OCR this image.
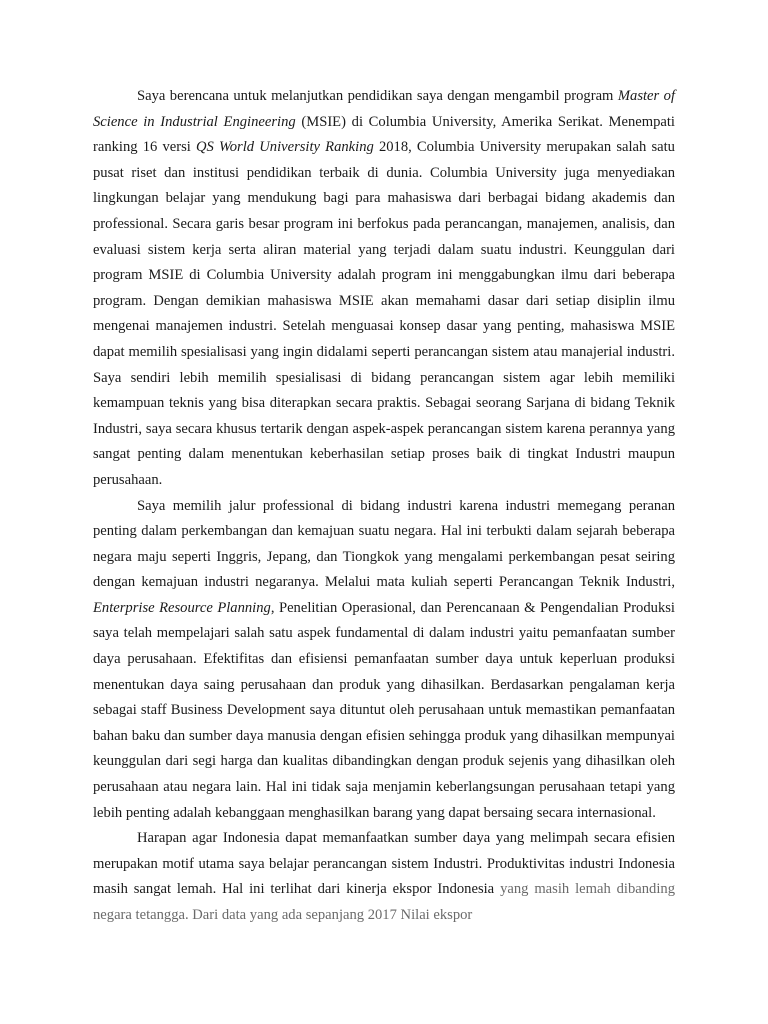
Saya berencana untuk melanjutkan pendidikan saya dengan mengambil program Master of Science in Industrial Engineering (MSIE) di Columbia University, Amerika Serikat. Menempati ranking 16 versi QS World University Ranking 2018, Columbia University merupakan salah satu pusat riset dan institusi pendidikan terbaik di dunia. Columbia University juga menyediakan lingkungan belajar yang mendukung bagi para mahasiswa dari berbagai bidang akademis dan professional. Secara garis besar program ini berfokus pada perancangan, manajemen, analisis, dan evaluasi sistem kerja serta aliran material yang terjadi dalam suatu industri. Keunggulan dari program MSIE di Columbia University adalah program ini menggabungkan ilmu dari beberapa program. Dengan demikian mahasiswa MSIE akan memahami dasar dari setiap disiplin ilmu mengenai manajemen industri. Setelah menguasai konsep dasar yang penting, mahasiswa MSIE dapat memilih spesialisasi yang ingin didalami seperti perancangan sistem atau manajerial industri. Saya sendiri lebih memilih spesialisasi di bidang perancangan sistem agar lebih memiliki kemampuan teknis yang bisa diterapkan secara praktis. Sebagai seorang Sarjana di bidang Teknik Industri, saya secara khusus tertarik dengan aspek-aspek perancangan sistem karena perannya yang sangat penting dalam menentukan keberhasilan setiap proses baik di tingkat Industri maupun perusahaan.

Saya memilih jalur professional di bidang industri karena industri memegang peranan penting dalam perkembangan dan kemajuan suatu negara. Hal ini terbukti dalam sejarah beberapa negara maju seperti Inggris, Jepang, dan Tiongkok yang mengalami perkembangan pesat seiring dengan kemajuan industri negaranya. Melalui mata kuliah seperti Perancangan Teknik Industri, Enterprise Resource Planning, Penelitian Operasional, dan Perencanaan & Pengendalian Produksi saya telah mempelajari salah satu aspek fundamental di dalam industri yaitu pemanfaatan sumber daya perusahaan. Efektifitas dan efisiensi pemanfaatan sumber daya untuk keperluan produksi menentukan daya saing perusahaan dan produk yang dihasilkan. Berdasarkan pengalaman kerja sebagai staff Business Development saya dituntut oleh perusahaan untuk memastikan pemanfaatan bahan baku dan sumber daya manusia dengan efisien sehingga produk yang dihasilkan mempunyai keunggulan dari segi harga dan kualitas dibandingkan dengan produk sejenis yang dihasilkan oleh perusahaan atau negara lain. Hal ini tidak saja menjamin keberlangsungan perusahaan tetapi yang lebih penting adalah kebanggaan menghasilkan barang yang dapat bersaing secara internasional.

Harapan agar Indonesia dapat memanfaatkan sumber daya yang melimpah secara efisien merupakan motif utama saya belajar perancangan sistem Industri. Produktivitas industri Indonesia masih sangat lemah. Hal ini terlihat dari kinerja ekspor Indonesia yang masih lemah dibanding negara tetangga. Dari data yang ada sepanjang 2017 Nilai ekspor
